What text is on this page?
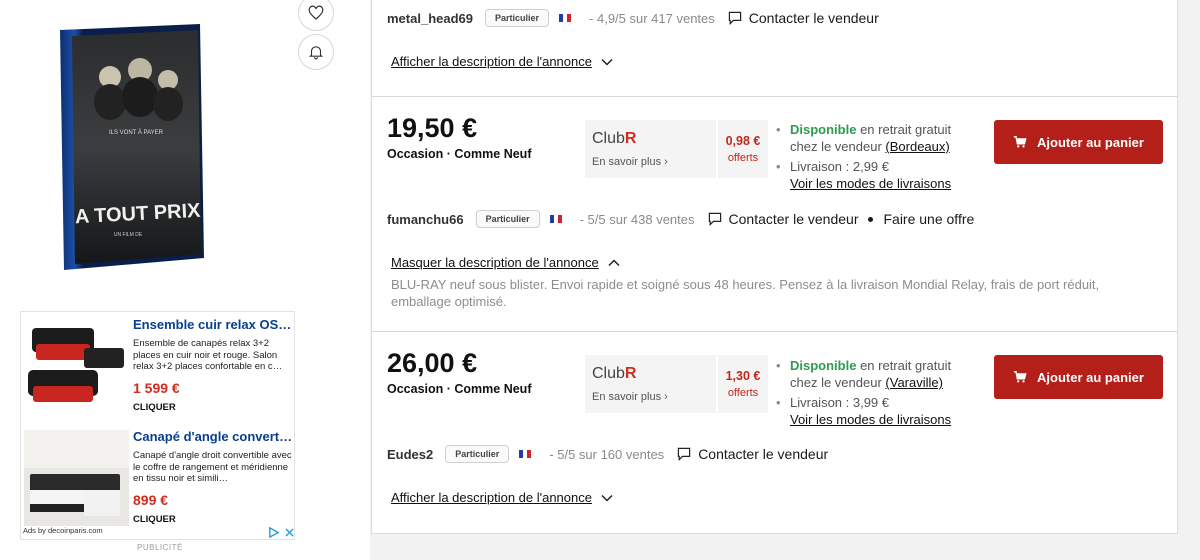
ILS VONT À PAYER
A TOUT PRIX
UN FILM DE
Ensemble cuir relax OS…
Ensemble de canapés relax 3+2 places en cuir noir et rouge. Salon relax 3+2 places confortable en c…
1 599 €
CLIQUER
Canapé d'angle convert…
Canapé d'angle droit convertible avec le coffre de rangement et méridienne en tissu noir et simili…
899 €
CLIQUER
Ads by decoinparis.com
PUBLICITÉ
metal_head69	Particulier	- 4,9/5 sur 417 ventes Contacter le vendeur
Afficher la description de l'annonce
19,50 €
Occasion · Comme Neuf
ClubR
En savoir plus ›
0,98 €
offerts
• Disponible en retrait gratuit chez le vendeur (Bordeaux)
• Livraison : 2,99 €
Voir les modes de livraisons
Ajouter au panier
fumanchu66	Particulier	- 5/5 sur 438 ventes Contacter le vendeur Faire une offre
Masquer la description de l'annonce
BLU-RAY neuf sous blister. Envoi rapide et soigné sous 48 heures. Pensez à la livraison Mondial Relay, frais de port réduit, emballage optimisé.
26,00 €
Occasion · Comme Neuf
ClubR
En savoir plus ›
1,30 €
offerts
• Disponible en retrait gratuit chez le vendeur (Varaville)
• Livraison : 3,99 €
Voir les modes de livraisons
Ajouter au panier
Eudes2	Particulier	- 5/5 sur 160 ventes Contacter le vendeur
Afficher la description de l'annonce
